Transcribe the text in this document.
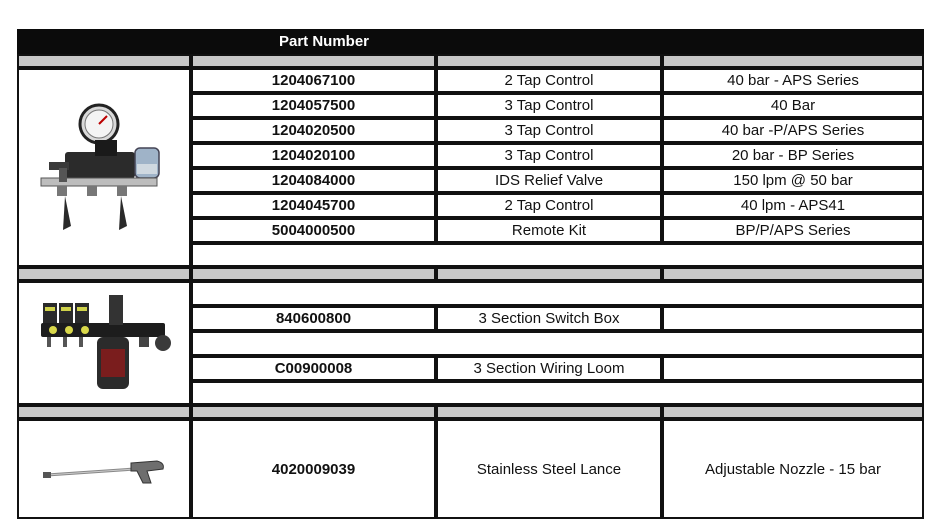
Part Number
1204067100	2 Tap Control	40 bar - APS Series
1204057500	3 Tap Control	40 Bar
1204020500	3 Tap Control	40 bar -P/APS Series
1204020100	3 Tap Control	20 bar - BP Series
1204084000	IDS Relief Valve	150 lpm @ 50 bar
1204045700	2 Tap Control	40 lpm - APS41
5004000500	Remote Kit	BP/P/APS Series
840600800	3 Section Switch Box
C00900008	3 Section Wiring Loom
4020009039	Stainless Steel Lance	Adjustable Nozzle - 15 bar
